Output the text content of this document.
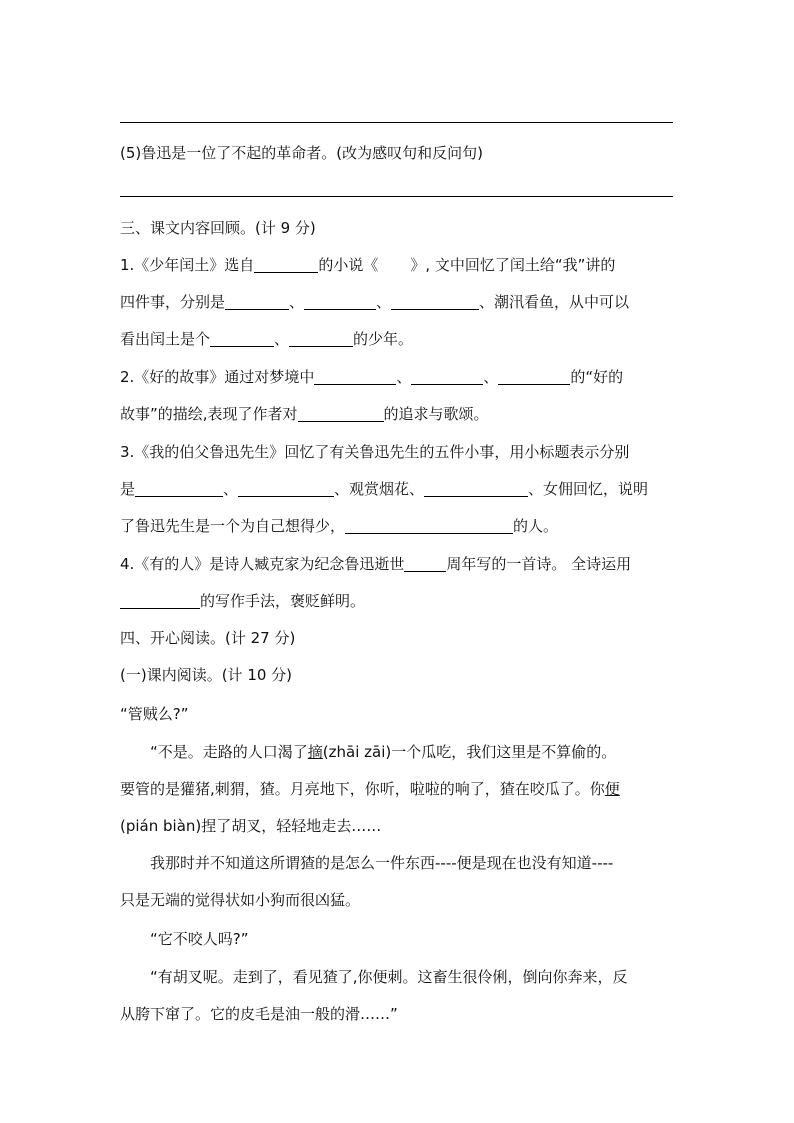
(5)鲁迅是一位了不起的革命者。(改为感叹句和反问句)
三、课文内容回顾。(计 9 分)
1.《少年闰土》选自	的小说《 》, 文中回忆了闰土给“我”讲的
四件事，分别是	、	、	、潮汛看鱼，从中可以
看出闰土是个	、	的少年。
2.《好的故事》通过对梦境中	、	、	的“好的
故事”的描绘,表现了作者对	的追求与歌颂。
3.《我的伯父鲁迅先生》回忆了有关鲁迅先生的五件小事，用小标题表示分别
是	、	、观赏烟花、	、女佣回忆，说明
了鲁迅先生是一个为自己想得少，	的人。
4.《有的人》是诗人臧克家为纪念鲁迅逝世	周年写的一首诗。 全诗运用
的写作手法，褒贬鲜明。
四、开心阅读。(计 27 分)
(一)课内阅读。(计 10 分)
“管贼么?”
“不是。走路的人口渴了摘(zhāi zāi)一个瓜吃，我们这里是不算偷的。
要管的是獾猪,刺猬，猹。月亮地下，你听，啦啦的响了，猹在咬瓜了。你便
(pián biàn)捏了胡叉，轻轻地走去……
我那时并不知道这所谓猹的是怎么一件东西----便是现在也没有知道----
只是无端的觉得状如小狗而很凶猛。
“它不咬人吗?”
“有胡叉呢。走到了，看见猹了,你便刺。这畜生很伶俐，倒向你奔来，反
从胯下窜了。它的皮毛是油一般的滑……”
